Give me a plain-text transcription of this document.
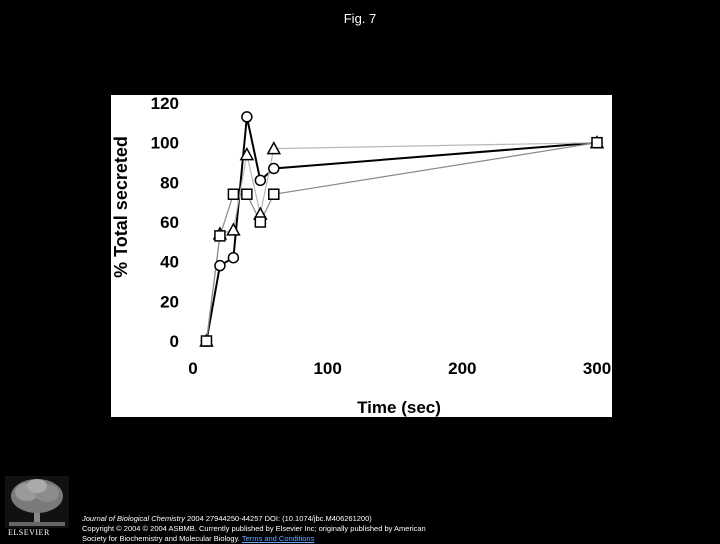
Fig. 7
0
20
40
60
80
100
120
0	100	200	300
Time (sec)
% Total secreted
ELSEVIER
Journal of Biological Chemistry 2004 27944250-44257 DOI: (10.1074/jbc.M406261200)
Copyright © 2004 © 2004 ASBMB. Currently published by Elsevier Inc; originally published by American
Society for Biochemistry and Molecular Biology. Terms and Conditions
